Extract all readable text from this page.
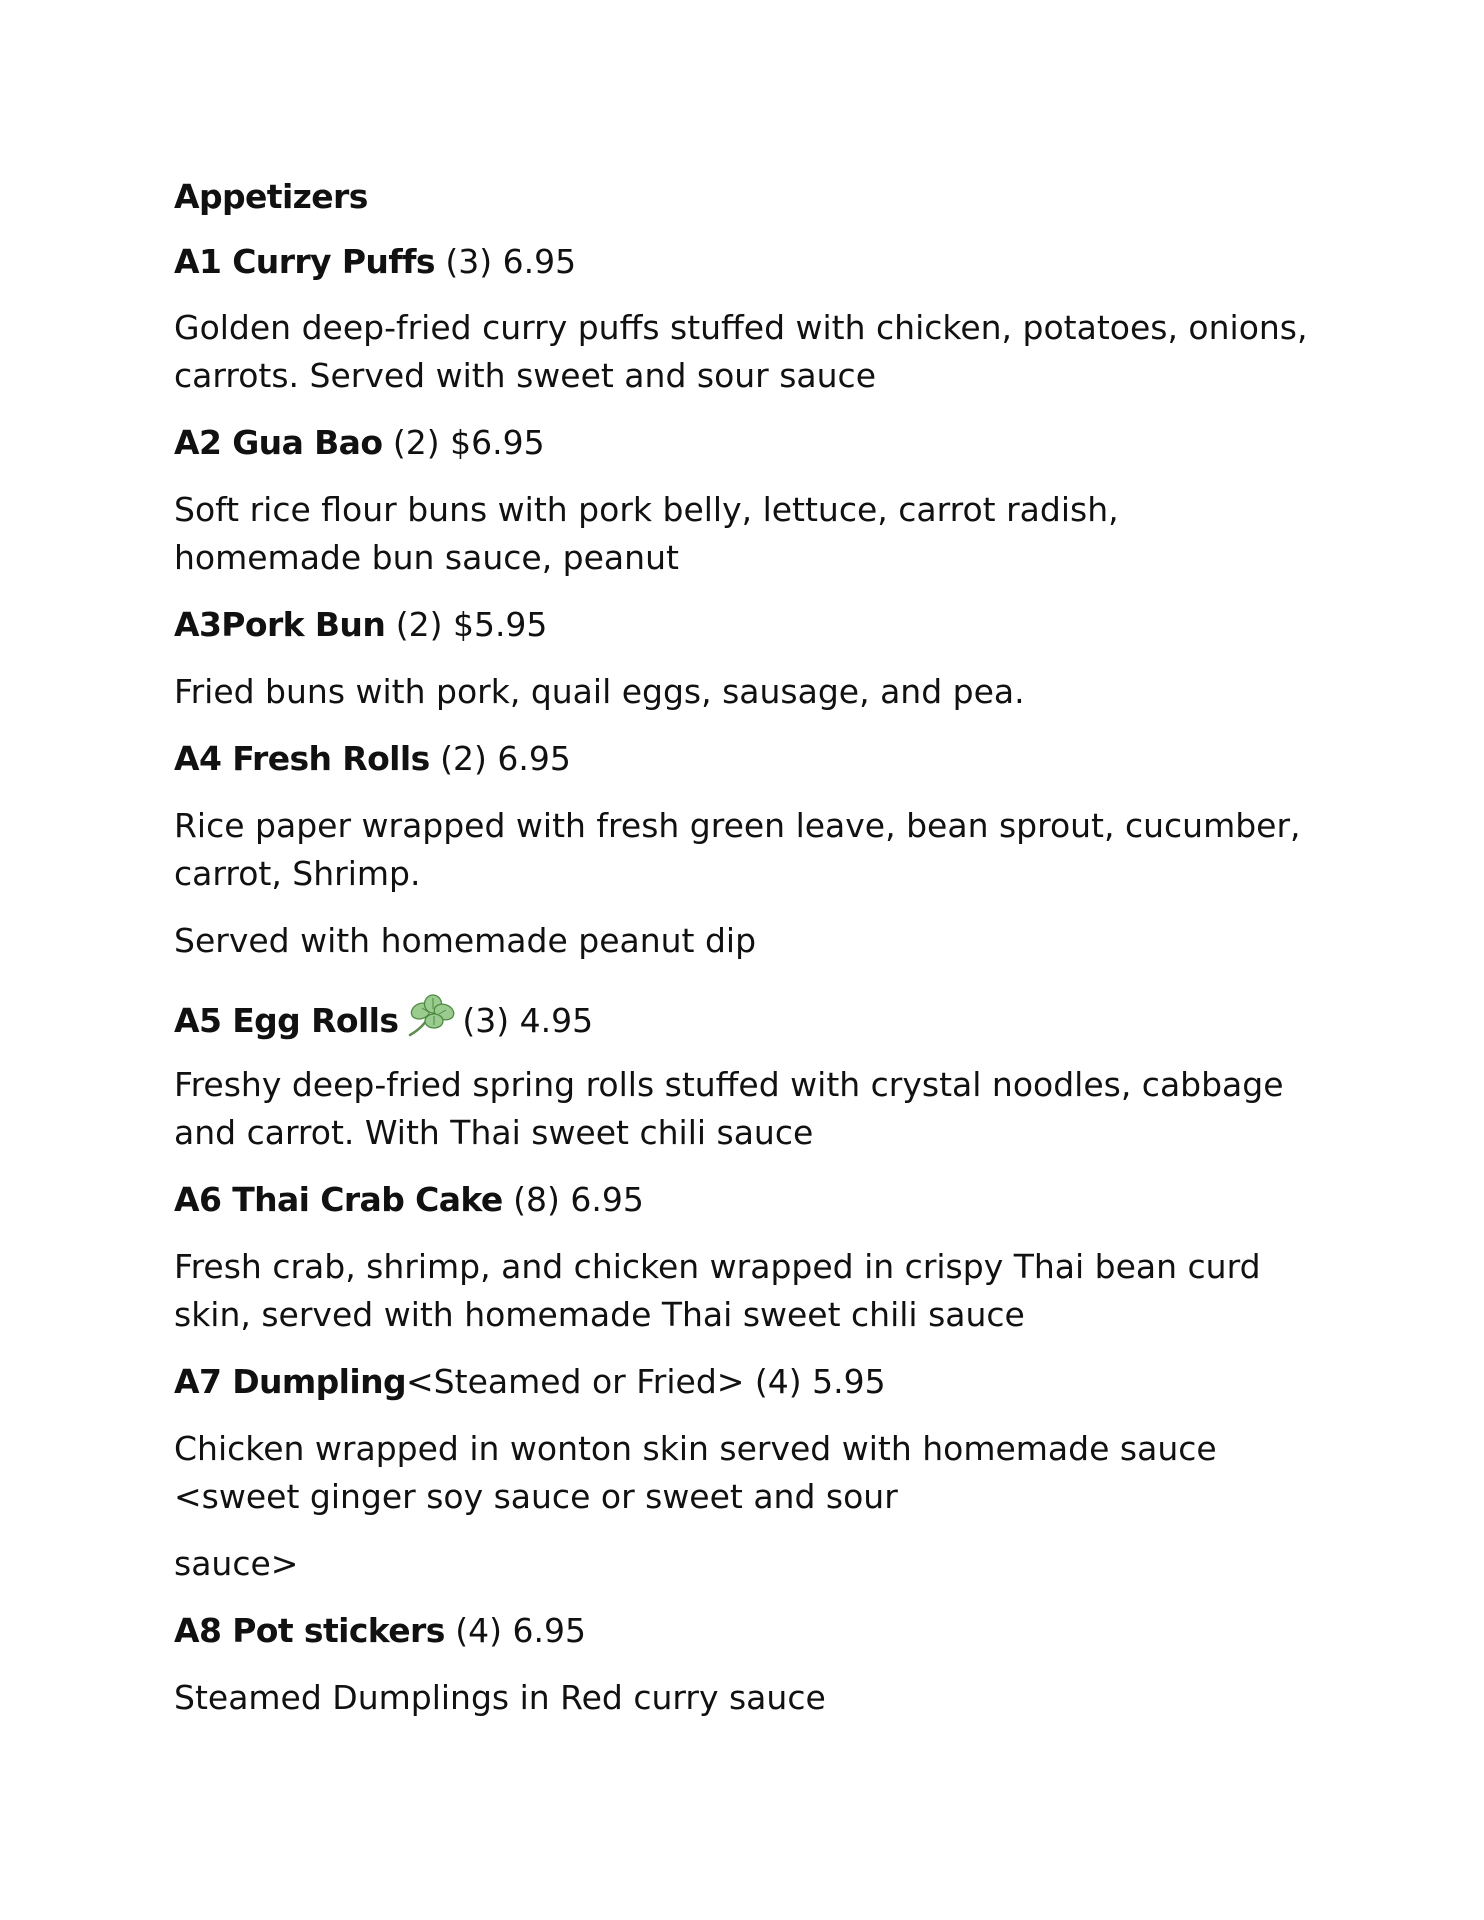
Appetizers
A1 Curry Puffs (3) 6.95
Golden deep-fried curry puffs stuffed with chicken, potatoes, onions,
carrots. Served with sweet and sour sauce
A2 Gua Bao (2) $6.95
Soft rice flour buns with pork belly, lettuce, carrot radish,
homemade bun sauce, peanut
A3Pork Bun (2) $5.95
Fried buns with pork, quail eggs, sausage, and pea.
A4 Fresh Rolls (2) 6.95
Rice paper wrapped with fresh green leave, bean sprout, cucumber,
carrot, Shrimp.
Served with homemade peanut dip
A5 Egg Rolls (3) 4.95
Freshy deep-fried spring rolls stuffed with crystal noodles, cabbage
and carrot. With Thai sweet chili sauce
A6 Thai Crab Cake (8) 6.95
Fresh crab, shrimp, and chicken wrapped in crispy Thai bean curd
skin, served with homemade Thai sweet chili sauce
A7 Dumpling<Steamed or Fried> (4) 5.95
Chicken wrapped in wonton skin served with homemade sauce
<sweet ginger soy sauce or sweet and sour
sauce>
A8 Pot stickers (4) 6.95
Steamed Dumplings in Red curry sauce
